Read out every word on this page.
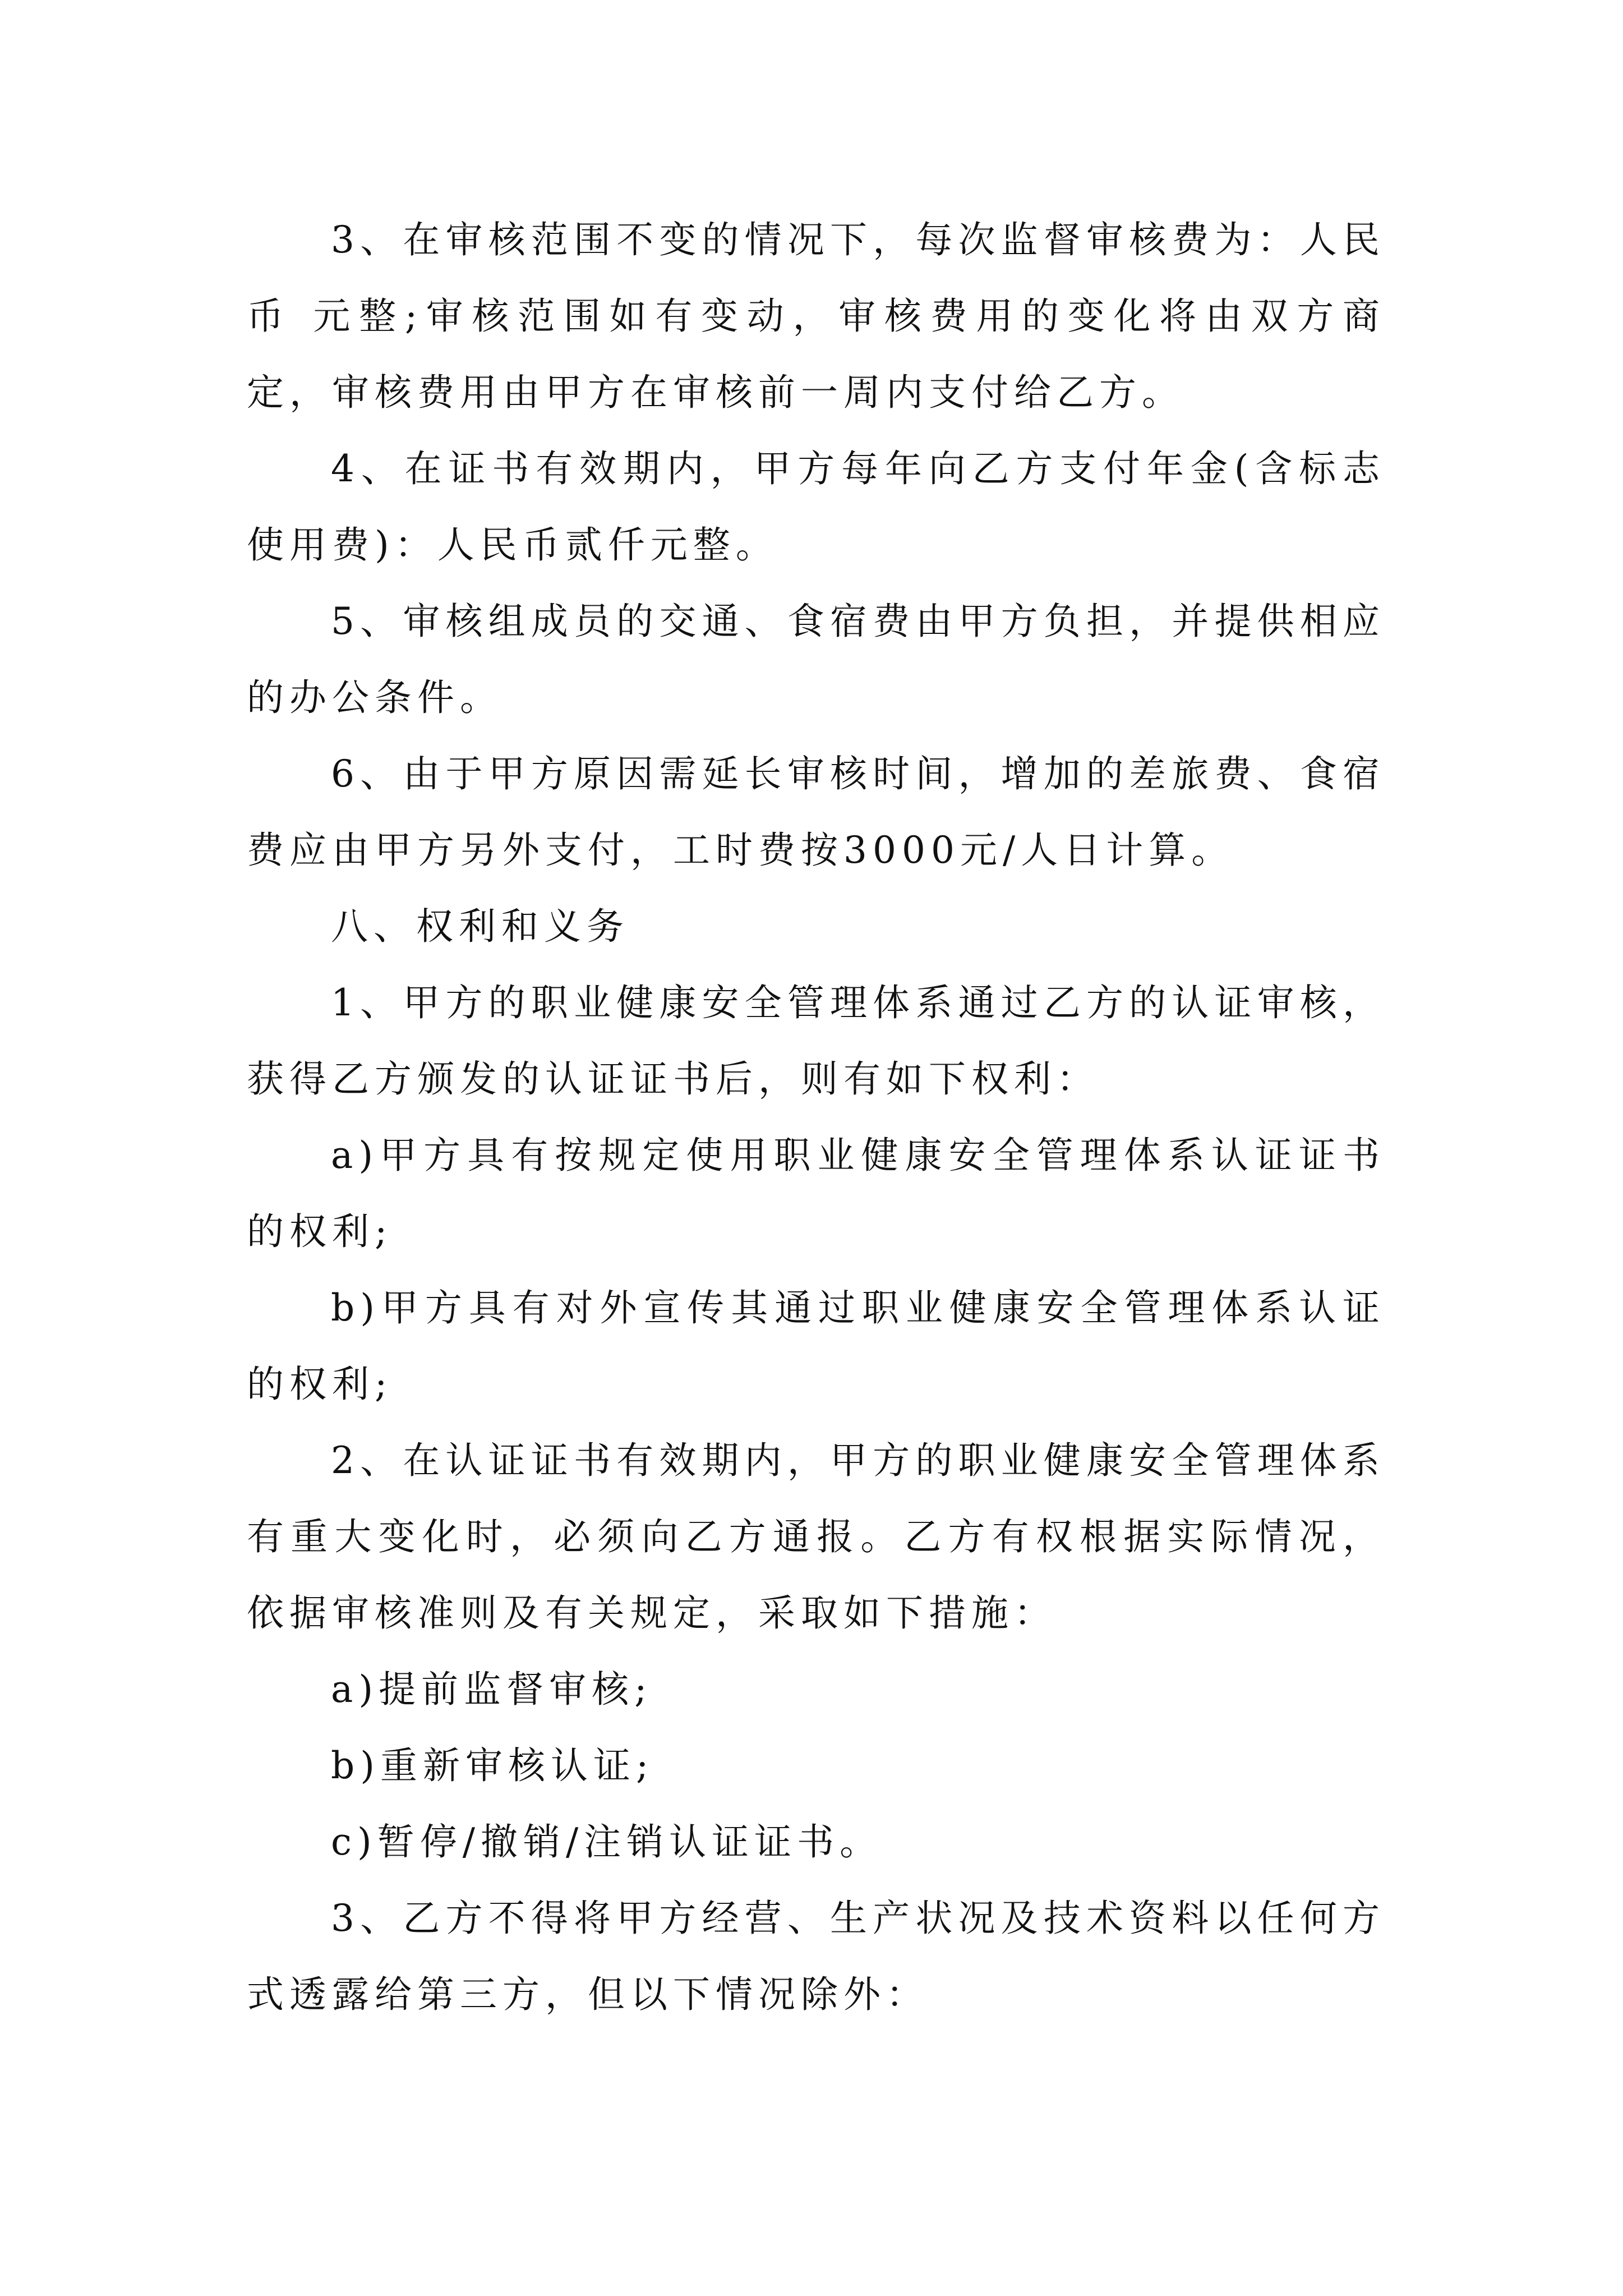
3、在审核范围不变的情况下，每次监督审核费为：人民币 元整;审核范围如有变动，审核费用的变化将由双方商定，审核费用由甲方在审核前一周内支付给乙方。

4、在证书有效期内，甲方每年向乙方支付年金(含标志使用费)：人民币贰仟元整。

5、审核组成员的交通、食宿费由甲方负担，并提供相应的办公条件。

6、由于甲方原因需延长审核时间，增加的差旅费、食宿费应由甲方另外支付，工时费按3000元/人日计算。

八、权利和义务

1、甲方的职业健康安全管理体系通过乙方的认证审核，获得乙方颁发的认证证书后，则有如下权利：

a)甲方具有按规定使用职业健康安全管理体系认证证书的权利;

b)甲方具有对外宣传其通过职业健康安全管理体系认证的权利;

2、在认证证书有效期内，甲方的职业健康安全管理体系有重大变化时，必须向乙方通报。乙方有权根据实际情况，依据审核准则及有关规定，采取如下措施：

a)提前监督审核;

b)重新审核认证;

c)暂停/撤销/注销认证证书。

3、乙方不得将甲方经营、生产状况及技术资料以任何方式透露给第三方，但以下情况除外：
